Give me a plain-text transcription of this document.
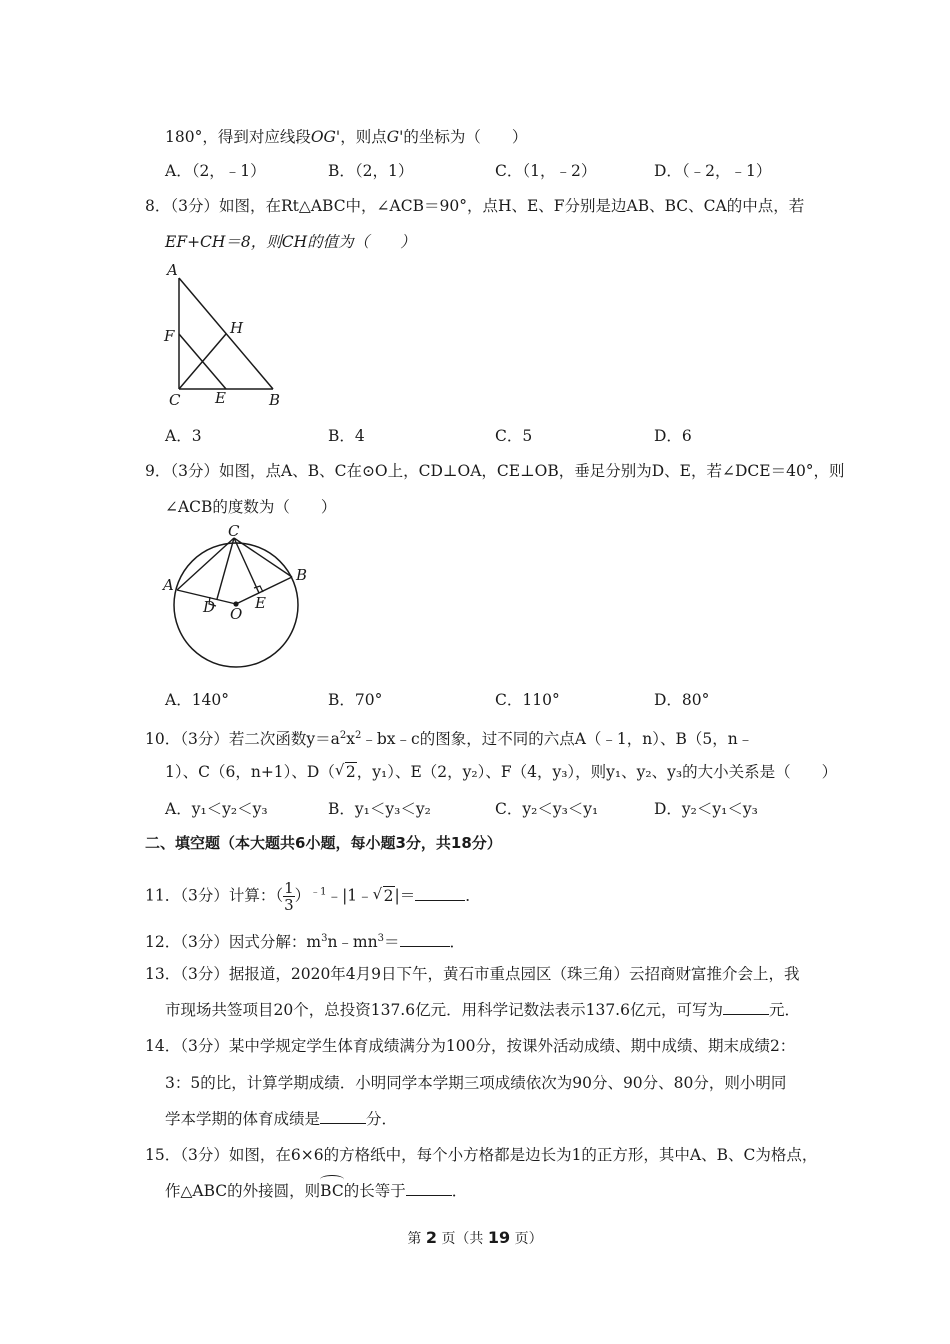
180°，得到对应线段OG'，则点G'的坐标为（　　）
A．（2，﹣1）	B．（2，1）	C．（1，﹣2）	D．（﹣2，﹣1）
8．（3分）如图，在Rt△ABC中，∠ACB＝90°，点H、E、F分别是边AB、BC、CA的中点，若
EF+CH＝8，则CH的值为（　　）
A
F	H
C E	B
A．3	B．4	C．5	D．6
9．（3分）如图，点A、B、C在⊙O上，CD⊥OA，CE⊥OB，垂足分别为D、E，若∠DCE＝40°，则
∠ACB的度数为（　　）
C
A
B
D	E
O
A．140°	B．70°	C．110°	D．80°
10．（3分）若二次函数$y=a^2x^2﹣bx﹣c$的图象，过不同的六点A（﹣1，n）、B（5，n﹣
1）、C（6，n+1）、D（ √ 2，y₁）、E（2，y₂）、F（4，y₃），则y₁、y₂、y₃的大小关系是（　　）
A．y₁＜y₂＜y₃	B．y₁＜y₃＜y₂	C．y₂＜y₃＜y₁	D．y₂＜y₁＜y₃
二、填空题（本大题共6小题，每小题3分，共18分）
11．（3分）计算：（ $\frac{1}{3}$ ）$^{﹣1}$﹣|1﹣ √ 2|＝	．
12．（3分）因式分解：$m^3n﹣mn^3=$	．
13．（3分）据报道，2020年4月9日下午，黄石市重点园区（珠三角）云招商财富推介会上，我
市现场共签项目20个，总投资137.6亿元．用科学记数法表示137.6亿元，可写为	元．
14．（3分）某中学规定学生体育成绩满分为100分，按课外活动成绩、期中成绩、期末成绩2：
3：5的比，计算学期成绩．小明同学本学期三项成绩依次为90分、90分、80分，则小明同
学本学期的体育成绩是	分．
15．（3分）如图，在6×6的方格纸中，每个小方格都是边长为1的正方形，其中A、B、C为格点，
作△ABC的外接圆，则
BC的长等于	．
第 2 页（共 19 页）
